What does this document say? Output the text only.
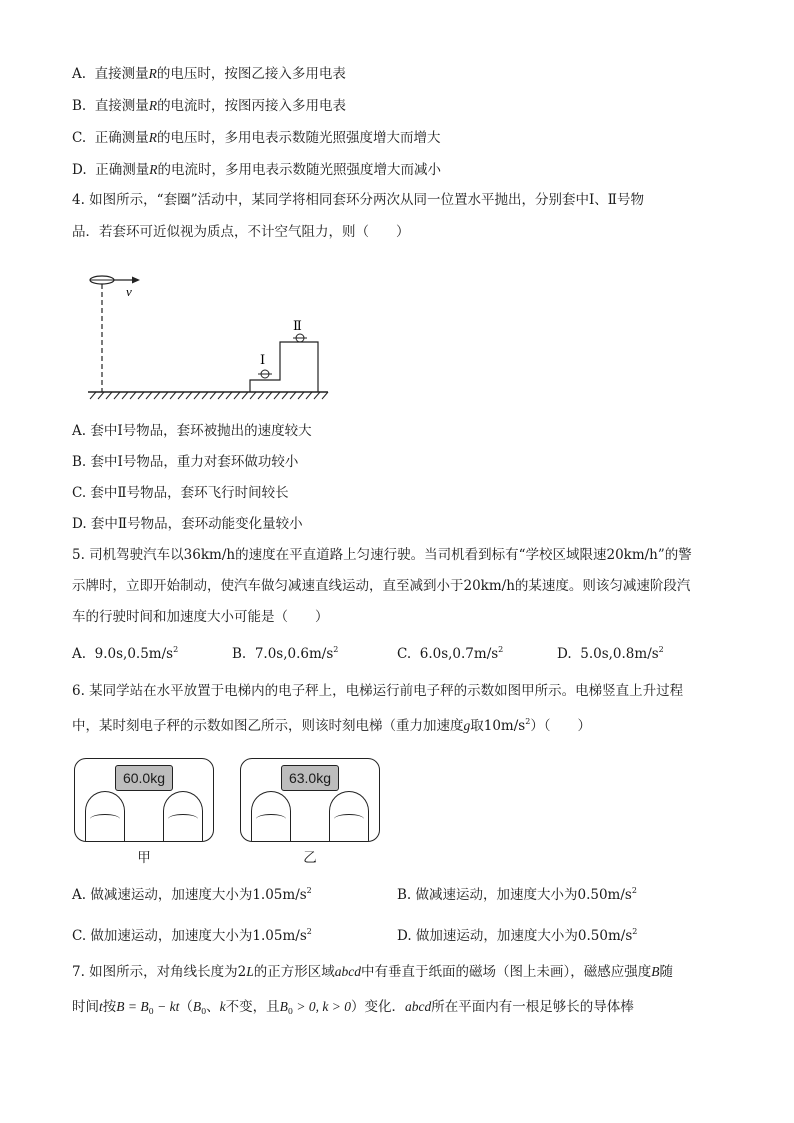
A. 直接测量R的电压时，按图乙接入多用电表
B. 直接测量R的电流时，按图丙接入多用电表
C. 正确测量R的电压时，多用电表示数随光照强度增大而增大
D. 正确测量R的电流时，多用电表示数随光照强度增大而减小
4. 如图所示，“套圈”活动中，某同学将相同套环分两次从同一位置水平抛出，分别套中Ⅰ、Ⅱ号物
品．若套环可近似视为质点，不计空气阻力，则（　　）
v
Ⅰ
Ⅱ
A. 套中Ⅰ号物品，套环被抛出的速度较大
B. 套中Ⅰ号物品，重力对套环做功较小
C. 套中Ⅱ号物品，套环飞行时间较长
D. 套中Ⅱ号物品，套环动能变化量较小
5. 司机驾驶汽车以36km/h的速度在平直道路上匀速行驶。当司机看到标有“学校区域限速20km/h”的警
示牌时，立即开始制动，使汽车做匀减速直线运动，直至减到小于20km/h的某速度。则该匀减速阶段汽
车的行驶时间和加速度大小可能是（　　）
A. $9.0s,0.5m/s^2$	B. $7.0s,0.6m/s^2$	C. $6.0s,0.7m/s^2$	D. $5.0s,0.8m/s^2$
6. 某同学站在水平放置于电梯内的电子秤上，电梯运行前电子秤的示数如图甲所示。电梯竖直上升过程
中，某时刻电子秤的示数如图乙所示，则该时刻电梯（重力加速度g取$10m/s^2$）（　　）
60.0kg
甲
63.0kg
乙
A. 做减速运动，加速度大小为$1.05m/s^2$	B. 做减速运动，加速度大小为$0.50m/s^2$
C. 做加速运动，加速度大小为$1.05m/s^2$	D. 做加速运动，加速度大小为$0.50m/s^2$
7. 如图所示，对角线长度为2L的正方形区域abcd中有垂直于纸面的磁场（图上未画），磁感应强度B随
时间t按$B = B_0 - kt(B_0$、k不变，且$B_0 > 0$, k > 0）变化．abcd所在平面内有一根足够长的导体棒
